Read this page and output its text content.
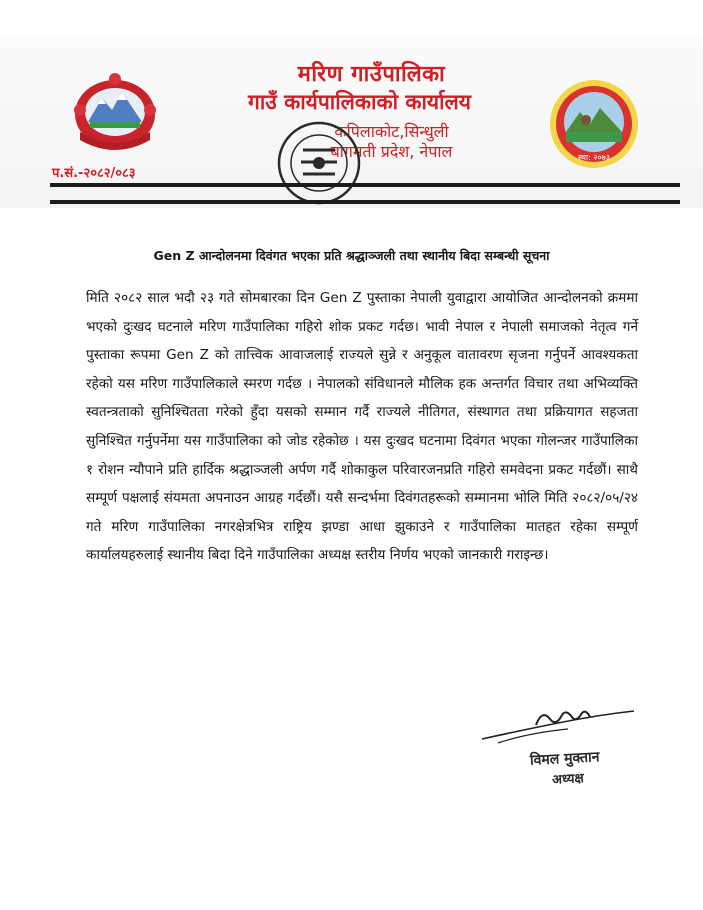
स्था: २०७३
मरिण गाउँपालिका
गाउँ कार्यपालिकाको कार्यालय
कपिलाकोट,सिन्धुली
बागमती प्रदेश, नेपाल
प.सं.-२०८२/०८३
Gen Z आन्दोलनमा दिवंगत भएका प्रति श्रद्धाञ्जली तथा स्थानीय बिदा सम्बन्धी सूचना
मिति २०८२ साल भदौ २३ गते सोमबारका दिन Gen Z पुस्ताका नेपाली युवाद्वारा आयोजित आन्दोलनको क्रममा भएको दुःखद घटनाले मरिण गाउँपालिका गहिरो शोक प्रकट गर्दछ। भावी नेपाल र नेपाली समाजको नेतृत्व गर्ने पुस्ताका रूपमा Gen Z को तात्त्विक आवाजलाई राज्यले सुन्ने र अनुकूल वातावरण सृजना गर्नुपर्ने आवश्यकता रहेको यस मरिण गाउँपालिकाले स्मरण गर्दछ । नेपालको संविधानले मौलिक हक अन्तर्गत विचार तथा अभिव्यक्ति स्वतन्त्रताको सुनिश्चितता गरेको हुँदा यसको सम्मान गर्दै राज्यले नीतिगत, संस्थागत तथा प्रक्रियागत सहजता सुनिश्चित गर्नुपर्नेमा यस गाउँपालिका को जोड रहेकोछ । यस दुःखद घटनामा दिवंगत भएका गोलन्जर गाउँपालिका १ रोशन न्यौपाने प्रति हार्दिक श्रद्धाञ्जली अर्पण गर्दै शोकाकुल परिवारजनप्रति गहिरो समवेदना प्रकट गर्दछौं। साथै सम्पूर्ण पक्षलाई संयमता अपनाउन आग्रह गर्दछौं। यसै सन्दर्भमा दिवंगतहरूको सम्मानमा भोलि मिति २०८२/०५/२४ गते मरिण गाउँपालिका नगरक्षेत्रभित्र राष्ट्रिय झण्डा आधा झुकाउने र गाउँपालिका मातहत रहेका सम्पूर्ण कार्यालयहरुलाई स्थानीय बिदा दिने गाउँपालिका अध्यक्ष स्तरीय निर्णय भएको जानकारी गराइन्छ।
विमल मुक्तान
अध्यक्ष
